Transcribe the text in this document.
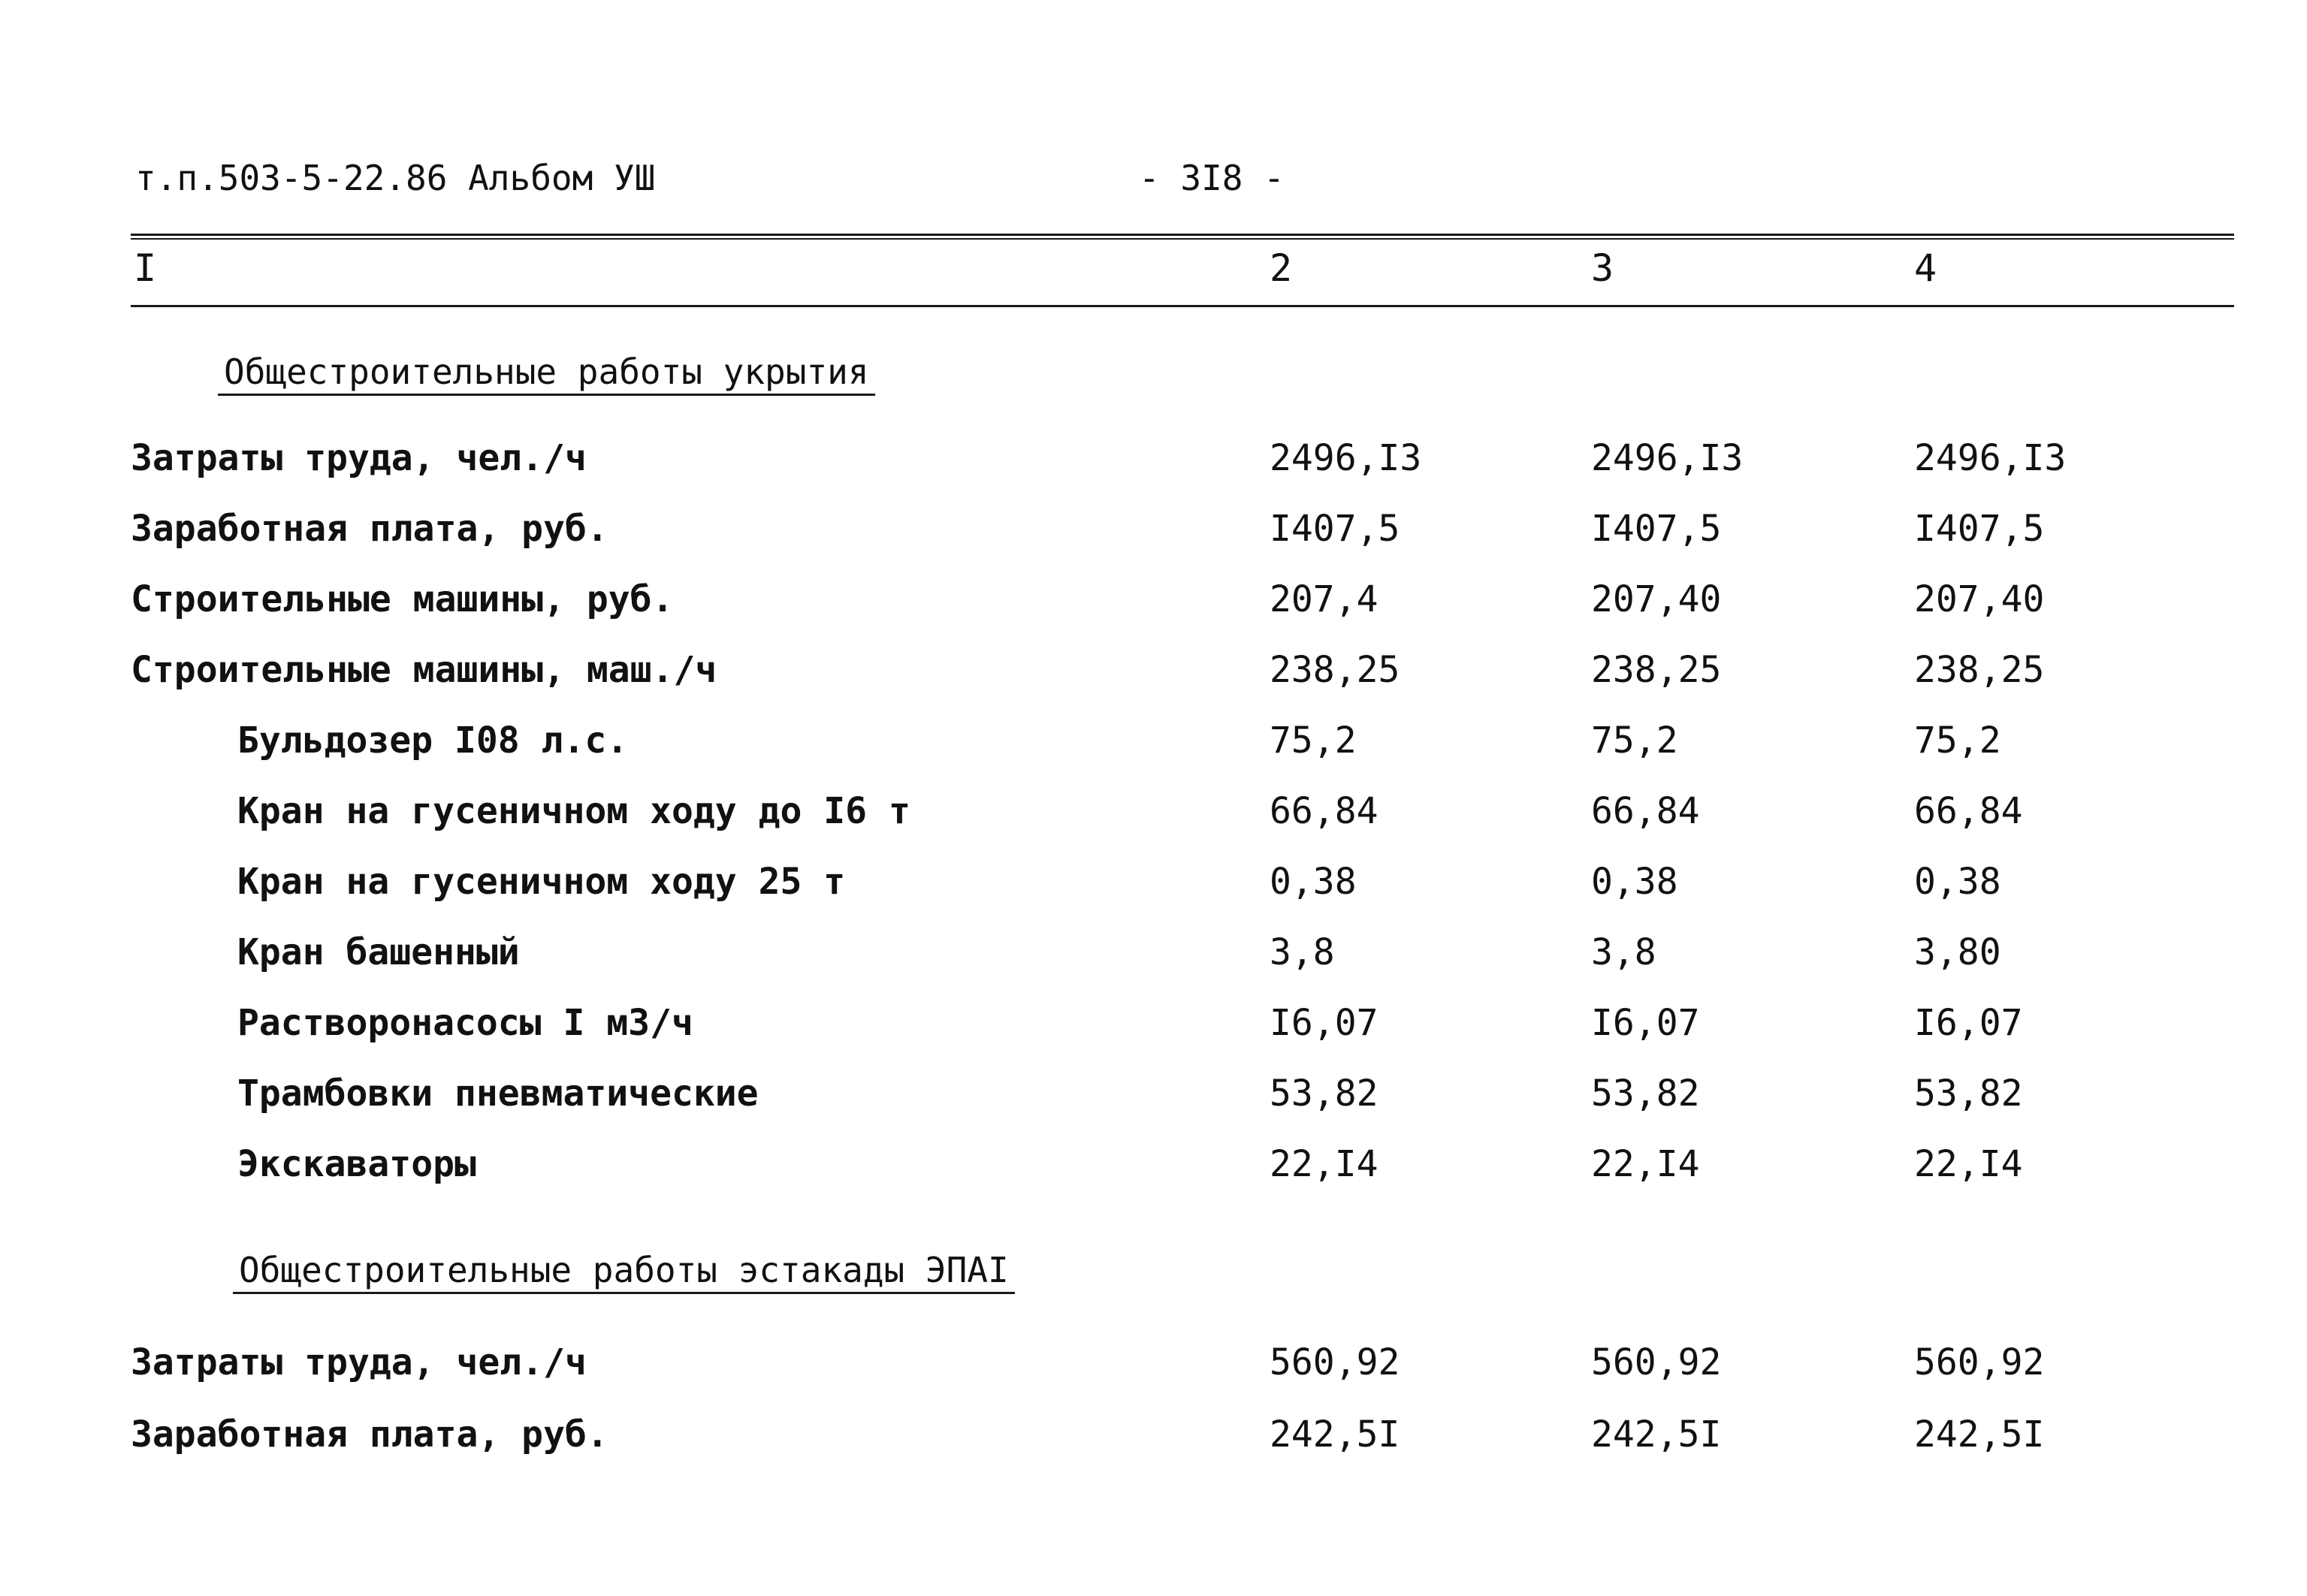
т.п.503-5-22.86 Альбом УШ	- 3I8 -
I	2	3	4
Общестроительные работы укрытия
Затраты труда, чел./ч	2496,I3	2496,I3	2496,I3
Заработная плата, руб.	I407,5	I407,5	I407,5
Строительные машины, руб.	207,4	207,40	207,40
Строительные машины, маш./ч	238,25	238,25	238,25
Бульдозер I08 л.с.	75,2	75,2	75,2
Кран на гусеничном ходу до I6 т	66,84	66,84	66,84
Кран на гусеничном ходу 25 т	0,38	0,38	0,38
Кран башенный	3,8	3,8	3,80
Растворонасосы I м3/ч	I6,07	I6,07	I6,07
Трамбовки пневматические	53,82	53,82	53,82
Экскаваторы	22,I4	22,I4	22,I4
Общестроительные работы эстакады ЭПАI
Затраты труда, чел./ч	560,92	560,92	560,92
Заработная плата, руб.	242,5I	242,5I	242,5I
